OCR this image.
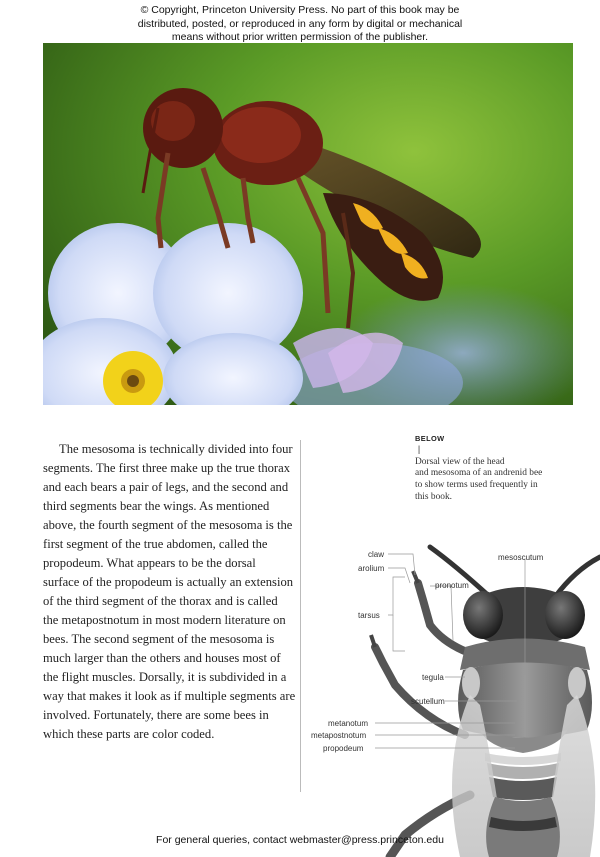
© Copyright, Princeton University Press. No part of this book may be
distributed, posted, or reproduced in any form by digital or mechanical
means without prior written permission of the publisher.
The mesosoma is technically divided into four
segments. The first three make up the true thorax
and each bears a pair of legs, and the second and
third segments bear the wings. As mentioned
above, the fourth segment of the mesosoma is the
first segment of the true abdomen, called the
propodeum. What appears to be the dorsal
surface of the propodeum is actually an extension
of the third segment of the thorax and is called
the metapostnotum in most modern literature on
bees. The second segment of the mesosoma is
much larger than the others and houses most of
the flight muscles. Dorsally, it is subdivided in a
way that makes it look as if multiple segments are
involved. Fortunately, there are some bees in
which these parts are color coded.
BELOW
|
Dorsal view of the head
and mesosoma of an andrenid bee
to show terms used frequently in
this book.
claw
arolium
tarsus
pronotum
mesoscutum
tegula
scutellum
metanotum
metapostnotum
propodeum
For general queries, contact webmaster@press.princeton.edu
